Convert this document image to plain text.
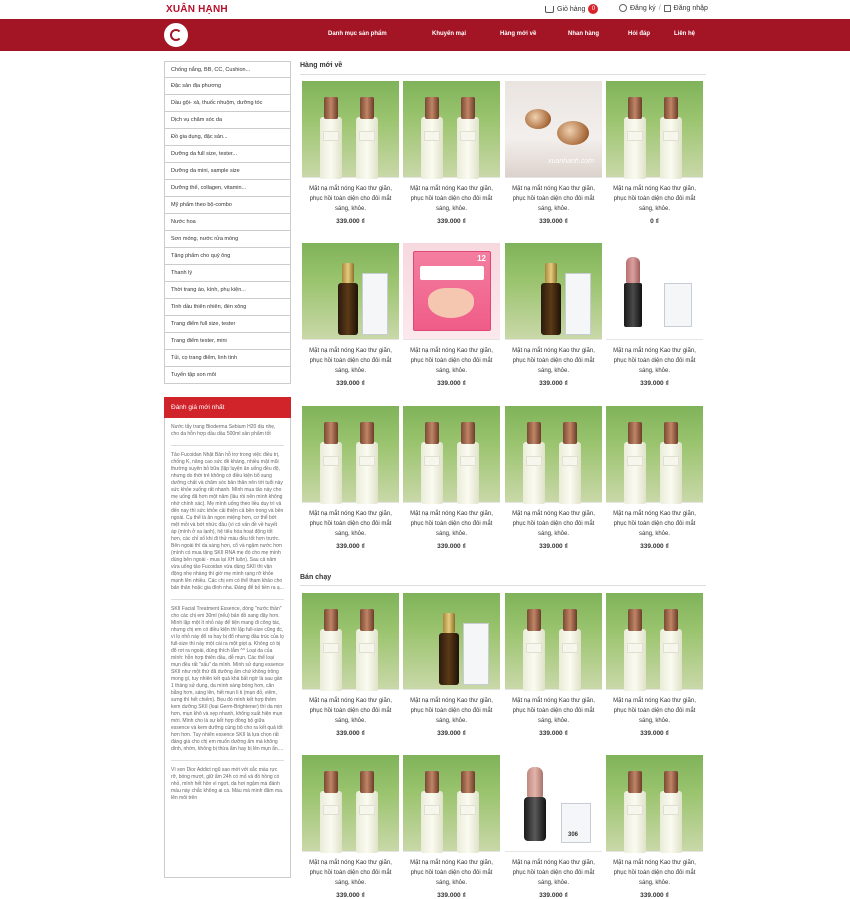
XUÂN HẠNH	Giỏ hàng	0	Đăng ký / Đăng nhập
Danh mục sản phẩm	Khuyến mại	Hàng mới về	Nhan hàng	Hỏi đáp	Liên hệ
Chống nắng, BB, CC, Cushion...
Đặc sản địa phương
Dầu gội- xả, thuốc nhuộm, dưỡng tóc
Dịch vụ chăm sóc da
Đồ gia dụng, đặc sản...
Dưỡng da full size, tester...
Dưỡng da mini, sample size
Dưỡng thể, collagen, vitamin...
Mỹ phẩm theo bộ-combo
Nước hoa
Sơn móng, nước rửa móng
Tặng phẩm cho quý ông
Thanh lý
Thời trang áo, kính, phụ kiện...
Tinh dầu thiên nhiên, đèn xông
Trang điểm full size, tester
Trang điểm tester, mini
Tủi, cọ trang điểm, linh tinh
Tuyển tập son môi
Đánh giá mới nhất
Nước tẩy trang Bioderma Sebium H20 dịu nhẹ, cho da hỗn hợp dầu dầu 500ml sản phẩm tốt
Tảo Fucoidan Nhật Bản hỗ trợ trong việc điều trị, chống K, nâng cao sức đề kháng, nhiều mặt mũi thường xuyên bỏ bữa (lập luyện ăn uống đều độ, nhưng do thời trẻ không có điều kiện bổ sung dưỡng chất và chăm sóc bản thân nên tới tuổi này sức khỏe xuống rất nhanh. Mình mua tảo này cho mẹ uống đã hơn một năm (lâu rồi nên mình không nhớ chính xác). Mẹ mình uống theo liều duy trì và đến nay thì sức khỏe cải thiện cả bên trong và bên ngoài. Cụ thể là ăn ngon miệng hơn, cơ thể bớt mệt mỏi và bớt nhức đầu (vì có vấn đề về huyết áp (mình ở xa lạnh), hệ tiêu hóa hoạt động tốt hơn, các chỉ số khi đi thử máu đều tốt hơn trước. Bên ngoài thì da sáng hơn, cổ và ngậm nước hơn (mình có mua tặng SKII RNA mẹ đó cho mẹ mình dùng bên ngoài - mua lại XH luôn). Sau cả năm vừa uống tảo Fucoidan vừa dùng SKII thì vận động nhẹ nhàng thì giờ mẹ mình rạng rỡ khỏe mạnh lên nhiều. Các chị em có thể tham khảo cho bản thân hoặc gia đình nha. Đáng để bỏ tiền ra ạ...
SKII Facial Treatment Essence, dòng "nước thần" cho các chị em 30ml (nếu) bản đồ sang đây hơn. Mình lập một ít nhỏ này để tiện mang đi công tác, nhưng chị em có điều kiện thì lập full-size cũng đc, vì lọ nhỏ này đổ ra hay bị đổ nhưng đầu trúc của lọ full-size thì này một cái ra một giọt ạ. Không có bị đổ rơi ra ngoài, dùng thích lắm ^^ Loại da của mình: hỗn hợp thiên dầu, dễ mụn. Các thể loại mụn đều rất "xấu" da mình. Mình sử dụng essence SKII như một thứ đã dưỡng ẩm chứ không trông mong gì, tuy nhiên kết quả khá bất ngờ là sau gần 1 tháng sử dụng, da mình sáng bóng hơn, căn bằng hơn, sáng lên, hết mụn li ti (mụn đỏ, viêm, sưng thì hết chiếm). Bẹu đó mình kết hợp thêm kem dưỡng SKII (loại Germ-Brightener) thì da mịn hơn, mụn khô và xẹp nhanh, không xuất hiện mụn mới. Mình cho là sự kết hợp đồng bộ giữa essence và kem dưỡng cùng bộ cho ra kết quả tốt hơn hơn. Tuy nhiên essence SKII là lựa chọn rất đáng giá cho chị em muốn dưỡng ẩm mà không dính, nhờn, không bị thừa ẩm hay bị lên mụn ẩn....
Vì son Dior Addict ngũ sao mới với sắc màu rực rỡ, bóng mượt, giữ ẩm 24h có mỏ và đồ hồng có nhỏ, mình hết hồn vì ngợt, da hơi ngậm mà đánh màu này chắc không ai cá. Màu mà mình đâm ma. lên môi trẻn
Hàng mới về
Bán chạy
Mặt nạ mắt nóng Kao thư giãn, phục hồi toàn diện cho đôi mắt sáng, khỏe.
339.000 ₫
Mặt nạ mắt nóng Kao thư giãn, phục hồi toàn diện cho đôi mắt sáng, khỏe.
339.000 ₫
xuanhanh.com
Mặt nạ mắt nóng Kao thư giãn, phục hồi toàn diện cho đôi mắt sáng, khỏe.
339.000 ₫
Mặt nạ mắt nóng Kao thư giãn, phục hồi toàn diện cho đôi mắt sáng, khỏe.
0 ₫
Mặt nạ mắt nóng Kao thư giãn, phục hồi toàn diện cho đôi mắt sáng, khỏe.
339.000 ₫
12
Mặt nạ mắt nóng Kao thư giãn, phục hồi toàn diện cho đôi mắt sáng, khỏe.
339.000 ₫
Mặt nạ mắt nóng Kao thư giãn, phục hồi toàn diện cho đôi mắt sáng, khỏe.
339.000 ₫
Mặt nạ mắt nóng Kao thư giãn, phục hồi toàn diện cho đôi mắt sáng, khỏe.
339.000 ₫
Mặt nạ mắt nóng Kao thư giãn, phục hồi toàn diện cho đôi mắt sáng, khỏe.
339.000 ₫
Mặt nạ mắt nóng Kao thư giãn, phục hồi toàn diện cho đôi mắt sáng, khỏe.
339.000 ₫
Mặt nạ mắt nóng Kao thư giãn, phục hồi toàn diện cho đôi mắt sáng, khỏe.
339.000 ₫
Mặt nạ mắt nóng Kao thư giãn, phục hồi toàn diện cho đôi mắt sáng, khỏe.
339.000 ₫
Mặt nạ mắt nóng Kao thư giãn, phục hồi toàn diện cho đôi mắt sáng, khỏe.
339.000 ₫
Mặt nạ mắt nóng Kao thư giãn, phục hồi toàn diện cho đôi mắt sáng, khỏe.
339.000 ₫
Mặt nạ mắt nóng Kao thư giãn, phục hồi toàn diện cho đôi mắt sáng, khỏe.
339.000 ₫
Mặt nạ mắt nóng Kao thư giãn, phục hồi toàn diện cho đôi mắt sáng, khỏe.
339.000 ₫
Mặt nạ mắt nóng Kao thư giãn, phục hồi toàn diện cho đôi mắt sáng, khỏe.
339.000 ₫
Mặt nạ mắt nóng Kao thư giãn, phục hồi toàn diện cho đôi mắt sáng, khỏe.
339.000 ₫
306
Mặt nạ mắt nóng Kao thư giãn, phục hồi toàn diện cho đôi mắt sáng, khỏe.
339.000 ₫
Mặt nạ mắt nóng Kao thư giãn, phục hồi toàn diện cho đôi mắt sáng, khỏe.
339.000 ₫
